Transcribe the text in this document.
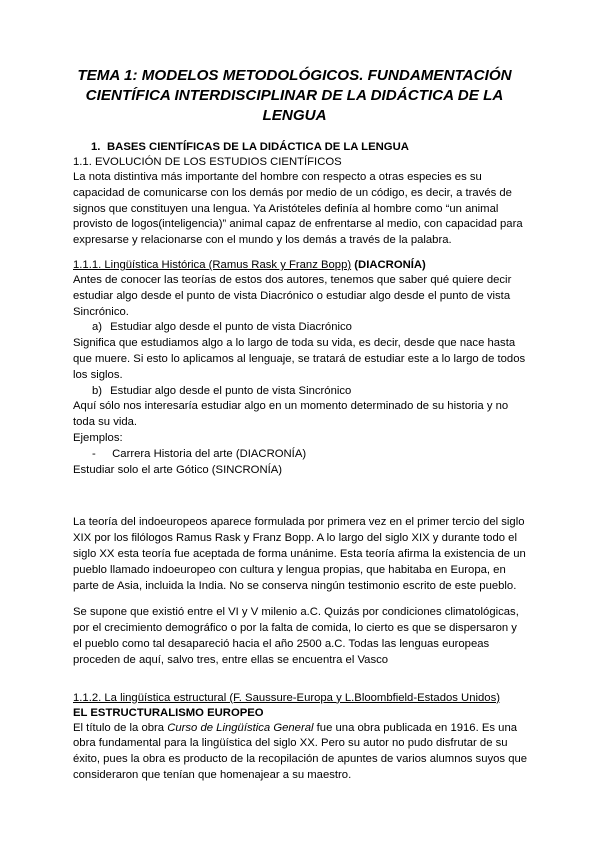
TEMA 1: MODELOS METODOLÓGICOS. FUNDAMENTACIÓN CIENTÍFICA INTERDISCIPLINAR DE LA DIDÁCTICA DE LA LENGUA
1. BASES CIENTÍFICAS DE LA DIDÁCTICA DE LA LENGUA
1.1. EVOLUCIÓN DE LOS ESTUDIOS CIENTÍFICOS

La nota distintiva más importante del hombre con respecto a otras especies es su capacidad de comunicarse con los demás por medio de un código, es decir, a través de signos que constituyen una lengua. Ya Aristóteles definía al hombre como “un animal provisto de logos(inteligencia)” animal capaz de enfrentarse al medio, con capacidad para expresarse y relacionarse con el mundo y los demás a través de la palabra.

1.1.1. Lingüística Histórica (Ramus Rask y Franz Bopp) (DIACRONÍA)

Antes de conocer las teorías de estos dos autores, tenemos que saber qué quiere decir estudiar algo desde el punto de vista Diacrónico o estudiar algo desde el punto de vista Sincrónico.

a) Estudiar algo desde el punto de vista Diacrónico

Significa que estudiamos algo a lo largo de toda su vida, es decir, desde que nace hasta que muere. Si esto lo aplicamos al lenguaje, se tratará de estudiar este a lo largo de todos los siglos.

b) Estudiar algo desde el punto de vista Sincrónico

Aquí sólo nos interesaría estudiar algo en un momento determinado de su historia y no toda su vida.

Ejemplos:
- Carrera Historia del arte (DIACRONÍA)
Estudiar solo el arte Gótico (SINCRONÍA)

La teoría del indoeuropeos aparece formulada por primera vez en el primer tercio del siglo XIX por los filólogos Ramus Rask y Franz Bopp. A lo largo del siglo XIX y durante todo el siglo XX esta teoría fue aceptada de forma unánime. Esta teoría afirma la existencia de un pueblo llamado indoeuropeo con cultura y lengua propias, que habitaba en Europa, en parte de Asia, incluida la India. No se conserva ningún testimonio escrito de este pueblo.

Se supone que existió entre el VI y V milenio a.C. Quizás por condiciones climatológicas, por el crecimiento demográfico o por la falta de comida, lo cierto es que se dispersaron y el pueblo como tal desapareció hacia el año 2500 a.C. Todas las lenguas europeas proceden de aquí, salvo tres, entre ellas se encuentra el Vasco

1.1.2. La lingüística estructural (F. Saussure-Europa y L.Bloombfield-Estados Unidos)
EL ESTRUCTURALISMO EUROPEO

El título de la obra Curso de Lingüística General fue una obra publicada en 1916. Es una obra fundamental para la lingüística del siglo XX. Pero su autor no pudo disfrutar de su éxito, pues la obra es producto de la recopilación de apuntes de varios alumnos suyos que consideraron que tenían que homenajear a su maestro.
